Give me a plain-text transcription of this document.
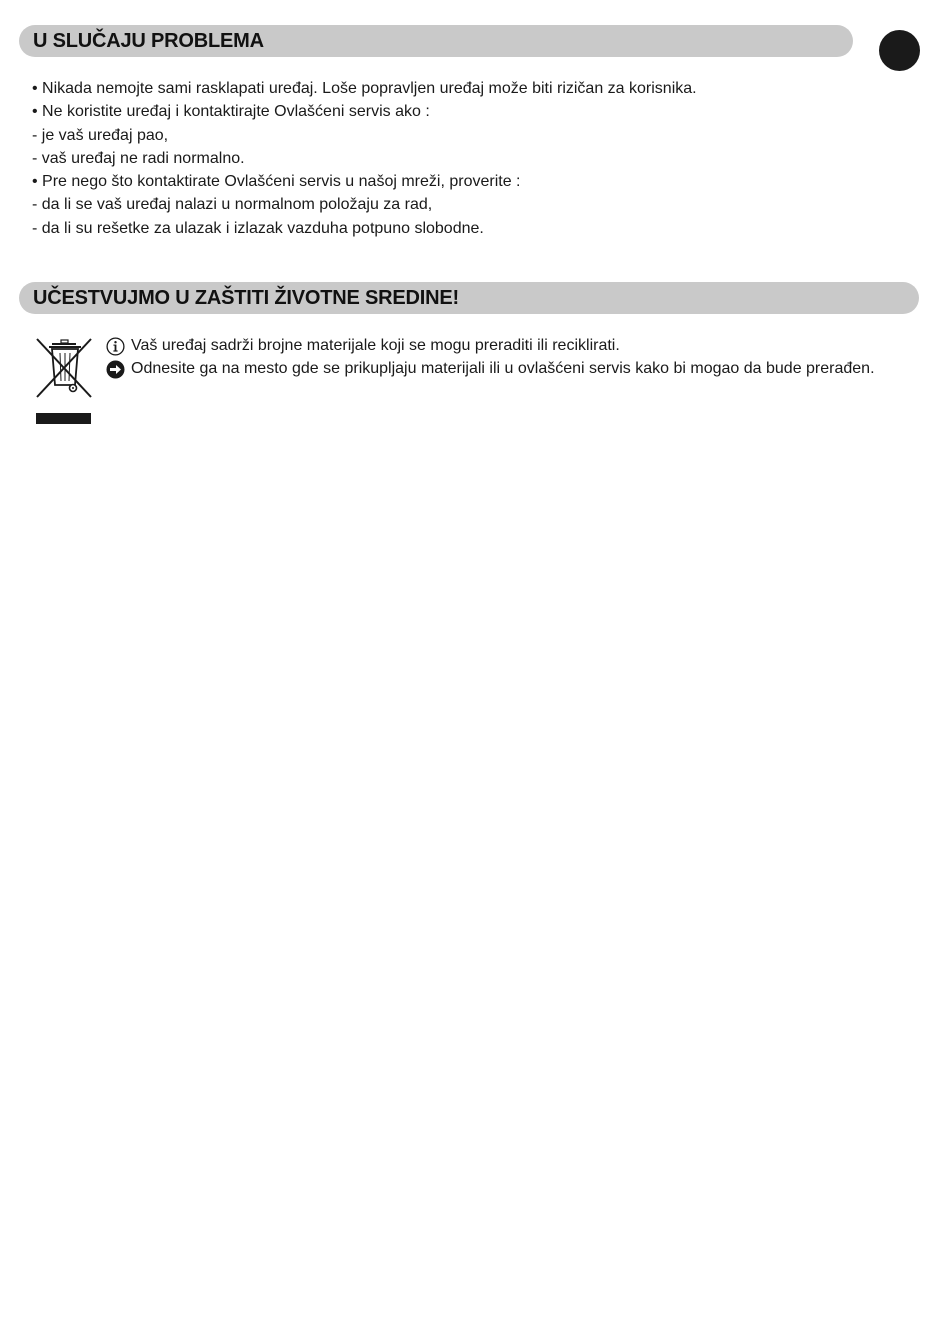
U SLUČAJU PROBLEMA
• Nikada nemojte sami rasklapati uređaj. Loše popravljen uređaj može biti rizičan za korisnika.
• Ne koristite uređaj i kontaktirajte Ovlašćeni servis ako :
- je vaš uređaj pao,
- vaš uređaj ne radi normalno.
• Pre nego što kontaktirate Ovlašćeni servis u našoj mreži, proverite :
- da li se vaš uređaj nalazi u normalnom položaju za rad,
- da li su rešetke za ulazak i izlazak vazduha potpuno slobodne.
UČESTVUJMO U ZAŠTITI ŽIVOTNE SREDINE!
Vaš uređaj sadrži brojne materijale koji se mogu preraditi ili reciklirati.
Odnesite ga na mesto gde se prikupljaju materijali ili u ovlašćeni servis kako bi mogao da bude prerađen.
